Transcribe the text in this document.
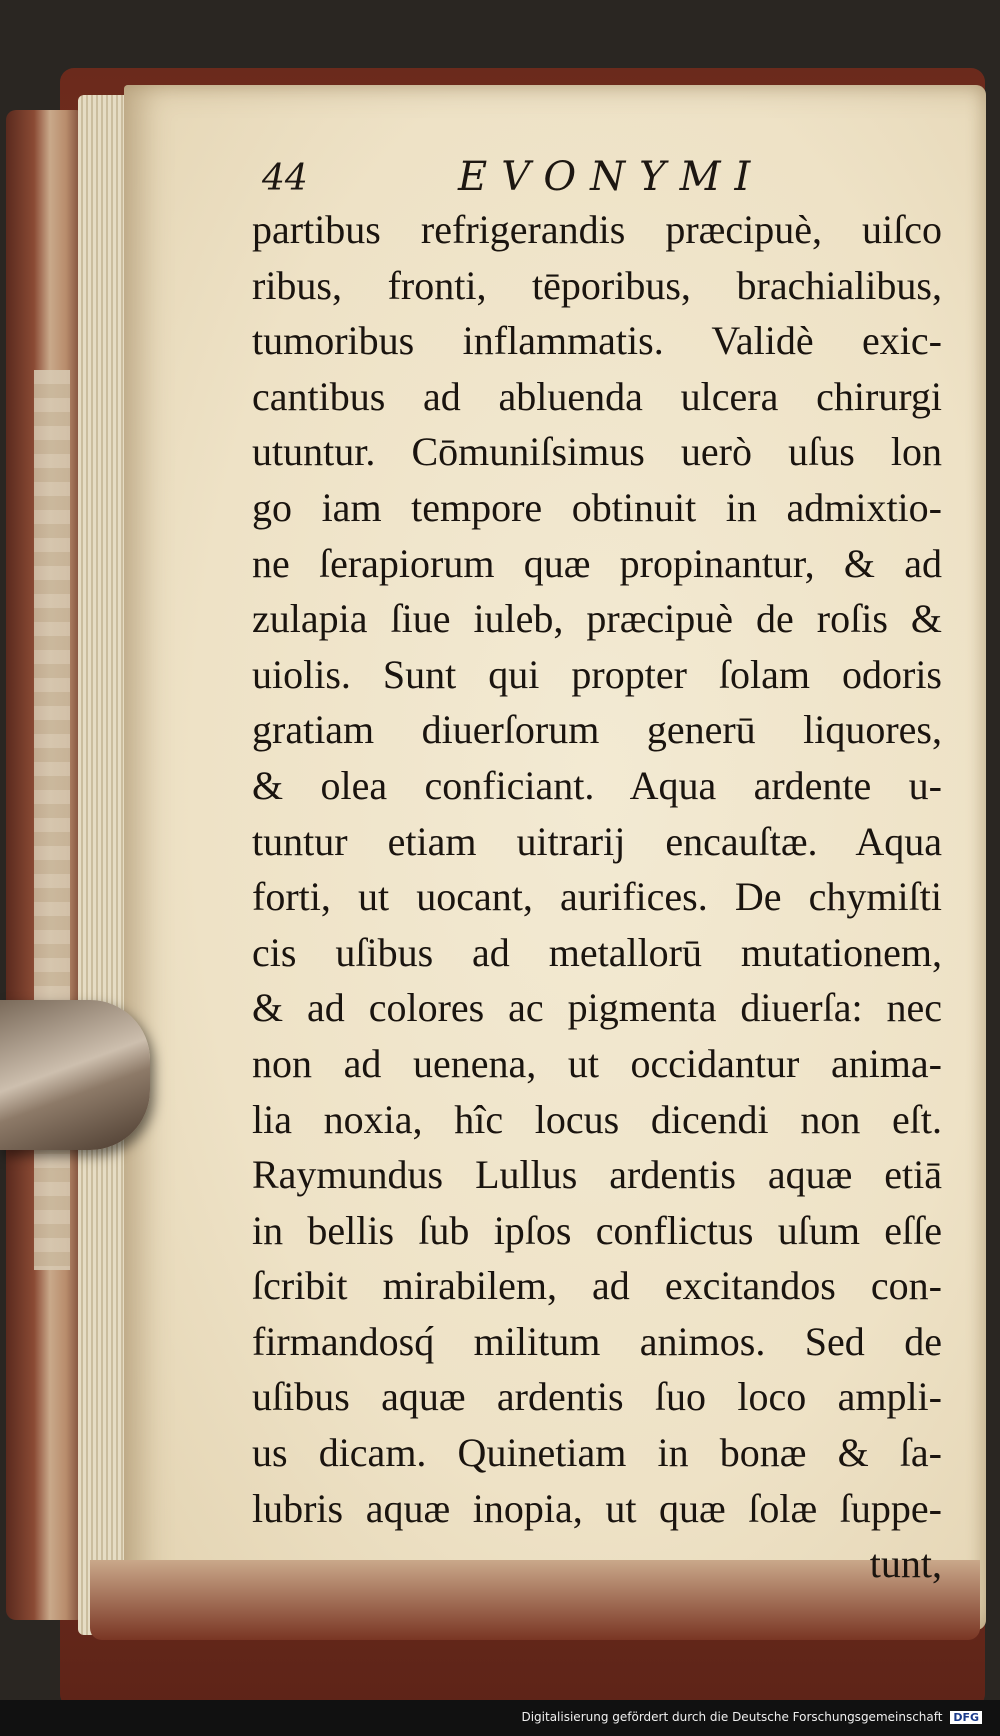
44	EVONYMI
partibus refrigerandis præcipuè, uiſco
ribus, fronti, tēporibus, brachialibus,
tumoribus inflammatis. Validè exic-
cantibus ad abluenda ulcera chirurgi
utuntur. Cōmuniſsimus uerò uſus lon
go iam tempore obtinuit in admixtio-
ne ſerapiorum quæ propinantur, & ad
zulapia ſiue iuleb, præcipuè de roſis &
uiolis. Sunt qui propter ſolam odoris
gratiam diuerſorum generū liquores,
& olea conficiant. Aqua ardente u-
tuntur etiam uitrarij encauſtæ. Aqua
forti, ut uocant, aurifices. De chymiſti
cis uſibus ad metallorū mutationem,
& ad colores ac pigmenta diuerſa: nec
non ad uenena, ut occidantur anima-
lia noxia, hîc locus dicendi non eſt.
Raymundus Lullus ardentis aquæ etiā
in bellis ſub ipſos conflictus uſum eſſe
ſcribit mirabilem, ad excitandos con-
firmandosq́ militum animos. Sed de
uſibus aquæ ardentis ſuo loco ampli-
us dicam. Quinetiam in bonæ & ſa-
lubris aquæ inopia, ut quæ ſolæ ſuppe-
tunt,
Digitalisierung gefördert durch die Deutsche Forschungsgemeinschaft DFG
